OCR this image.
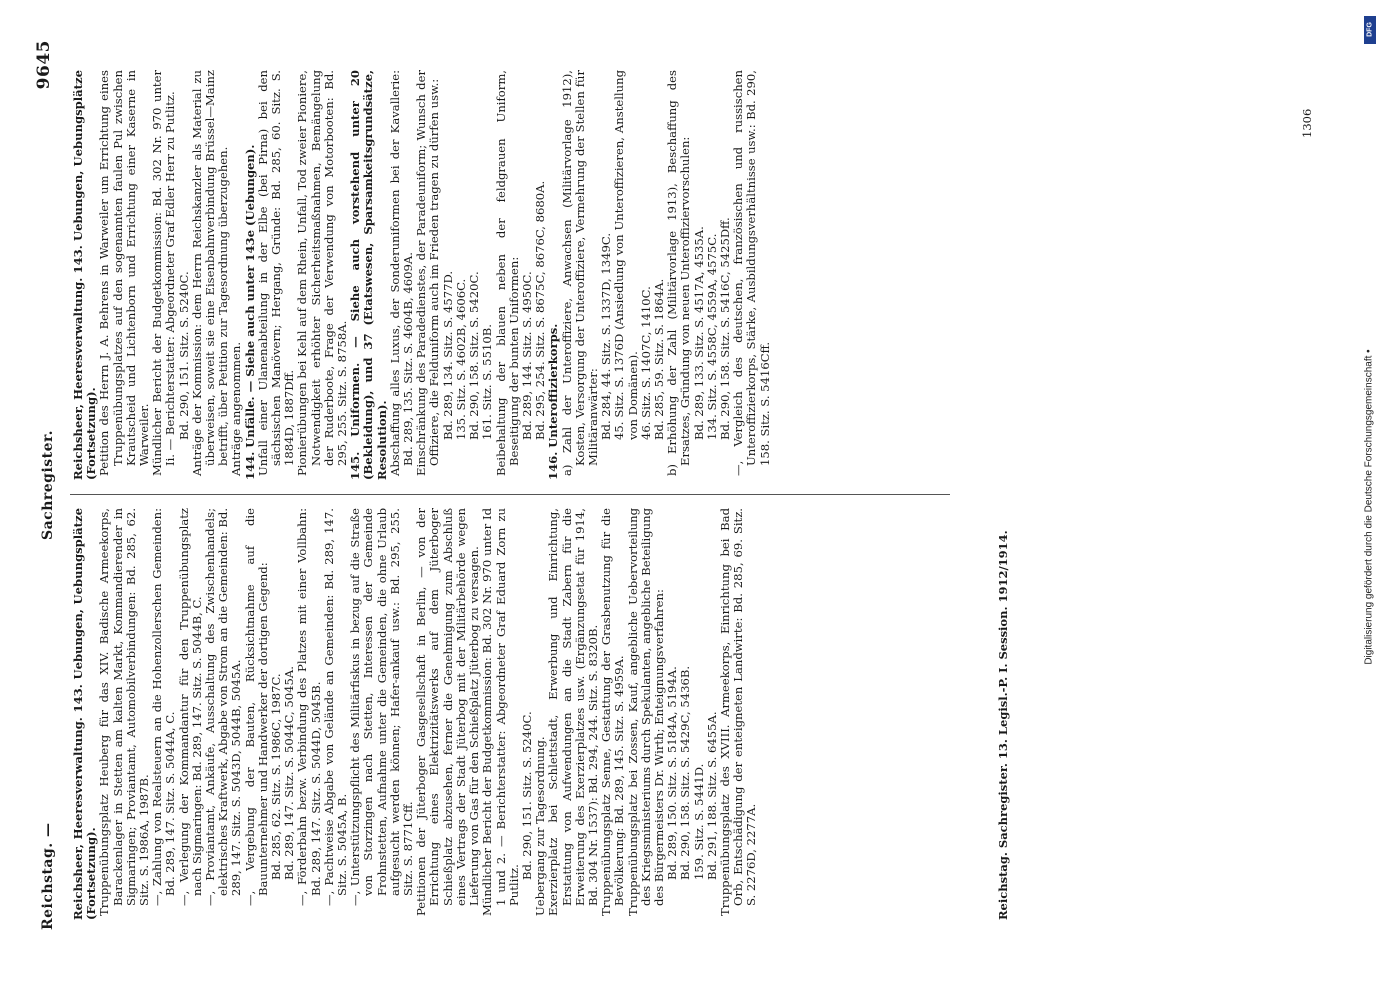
Reichstag. —
Sachregister.
9645

Reichsheer, Heeresverwaltung. 143. Uebungen, Uebungsplätze (Fortsetzung). Truppenübungsplatz Heuberg für das XIV. Badische Armeekorps, Barackenlager in Stetten am kalten Markt, Kommandierender in Sigmaringen; Proviantamt, Automobilverbindungen: Bd. 285, 62. Sitz. S. 1986A, 1987B. —, Zahlung von Realsteuern an die Hohenzollerschen Gemeinden: Bd. 289, 147. Sitz. S. 5044A, C. —, Verlegung der Kommandantur für den Truppenübungsplatz nach Sigmaringen: Bd. 289, 147. Sitz. S. 5044B, C. —, Proviantamt, Ankäufe, Ausschaltung des Zwischenhandels; elektrisches Kraftwerk, Abgabe von Strom an die Gemeinden: Bd. 289, 147. Sitz. S. 5043D, 5044B, 5045A. —, Vergebung der Bauten, Rücksichtnahme auf die Bauunternehmer und Handwerker der dortigen Gegend: Bd. 285, 62. Sitz. S. 1986C, 1987C. Bd. 289, 147. Sitz. S. 5044C, 5045A. —, Förderbahn bezw. Verbindung des Platzes mit einer Vollbahn: Bd. 289, 147. Sitz. S. 5044D, 5045B. —, Pachtweise Abgabe von Gelände an Gemeinden: Bd. 289, 147. Sitz. S. 5045A, B. —, Unterstützungspflicht des Militärfiskus in bezug auf die Straße von Storzingen nach Stetten, Interessen der Gemeinde Frohnstetten, Aufnahme unter die Gemeinden, die ohne Urlaub aufgesucht werden können; Hafer-ankauf usw.: Bd. 295, 255. Sitz. S. 8771Cff. Petitionen der Jüterboger Gasgesellschaft in Berlin, — von der Errichtung eines Elektrizitätswerks auf dem Jüterboger Schießplatz abzusehen, ferner die Genehmigung zum Abschluß eines Vertrags der Stadt Jüterbog mit der Militärbehörde wegen Lieferung von Gas für den Schießplatz Jüterbog zu versagen. Mündlicher Bericht der Budgetkommission: Bd. 302 Nr. 970 unter Id 1 und 2. — Berichterstatter: Abgeordneter Graf Eduard Zorn zu Putlitz.

Bd. 290, 151. Sitz. S. 5240C. Uebergang zur Tagesordnung. Exerzierplatz bei Schlettstadt, Erwerbung und Einrichtung, Erstattung von Aufwendungen an die Stadt Zabern für die Erweiterung des Exerzierplatzes usw. (Ergänzungsetat für 1914, Bd. 304 Nr. 1537): Bd. 294, 244. Sitz. S. 8320B. Truppenübungsplatz Senne, Gestattung der Grasbenutzung für die Bevölkerung: Bd. 289, 145. Sitz. S. 4959A. Truppenübungsplatz bei Zossen, Kauf, angebliche Uebervorteilung des Kriegsministeriums durch Spekulanten, angebliche Beteiligung des Bürgermeisters Dr. Wirth; Enteignungsverfahren: Bd. 289, 150. Sitz. S. 5184A, 5194A. Bd. 290, 158. Sitz. S. 5429C, 5436B. 159. Sitz. S. 5441D. Bd. 291, 188. Sitz. S. 6455A. Truppenübungsplatz des XVIII. Armeekorps, Einrichtung bei Bad Orb, Entschädigung der enteigneten Landwirte: Bd. 285, 69. Sitz. S. 2276D, 2277A.

Reichsheer, Heeresverwaltung. 143. Uebungen, Uebungsplätze (Fortsetzung). Petition des Herrn J. A. Behrens in Warweiler um Errichtung eines Truppenübungsplatzes auf den sogenannten faulen Pul zwischen Krautscheid und Lichtenborn und Errichtung einer Kaserne in Warweiler. Mündlicher Bericht der Budgetkommission: Bd. 302 Nr. 970 unter Ii. — Berichterstatter: Abgeordneter Graf Edler Herr zu Putlitz. Bd. 290, 151. Sitz. S. 5240C. Anträge der Kommission: dem Herrn Reichskanzler als Material zu überweisen, soweit sie eine Eisenbahnverbindung Brüssel—Mainz betrifft, über Petition zur Tagesordnung überzugehen. Anträge angenommen. 144. Unfälle. — Siehe auch unter 143e (Uebungen). Unfall einer Ulanenabteilung in der Elbe (bei Pirna) bei den sächsischen Manövern; Hergang, Gründe: Bd. 285, 60. Sitz. S. 1884D, 1887Dff. Pionierübungen bei Kehl auf dem Rhein, Unfall, Tod zweier Pioniere, Notwendigkeit erhöhter Sicherheitsmaßnahmen, Bemängelung der Ruderboote, Frage der Verwendung von Motorbooten: Bd. 295, 255. Sitz. S. 8758A. 145. Uniformen. — Siehe auch vorstehend unter 20 (Bekleidung), und 37 (Etatswesen, Sparsamkeitsgrundsätze, Resolution). Abschaffung alles Luxus, der Sonderuniformen bei der Kavallerie: Bd. 289, 135. Sitz. S. 4604B, 4609A. Einschränkung des Paradedienstes, der Paradeuniform; Wunsch der Offiziere, die Felduniform auch im Frieden tragen zu dürfen usw.: Bd. 289, 134. Sitz. S. 4577D. 135. Sitz. S. 4602B, 4606C. Bd. 290, 158. Sitz. S. 5420C. 161. Sitz. S. 5510B. Beibehaltung der blauen neben der feldgrauen Uniform, Beseitigung der bunten Uniformen: Bd. 289, 144. Sitz. S. 4950C. Bd. 295, 254. Sitz. S. 8675C, 8676C, 8680A. 146. Unteroffizierkorps. a) Zahl der Unteroffiziere, Anwachsen (Militärvorlage 1912), Kosten, Versorgung der Unteroffiziere, Vermehrung der Stellen für Militäranwärter: Bd. 284, 44. Sitz. S. 1337D, 1349C. 45. Sitz. S. 1376D (Ansiedlung von Unteroffizieren, Anstellung von Domänen). 46. Sitz. S. 1407C, 1410C. Bd. 285, 59. Sitz. S. 1864A. b) Erhöhung der Zahl (Militärvorlage 1913), Beschaffung des Ersatzes, Gründung von neuen Unteroffiziervorschulen: Bd. 289, 133. Sitz. S. 4517A, 4535A. 134. Sitz. S. 4558C, 4559A, 4575C. Bd. 290, 158. Sitz. S. 5416C, 5425Dff. —, Vergleich des deutschen, französischen und russischen Unteroffizierkorps, Stärke, Ausbildungsverhältnisse usw.: Bd. 290, 158. Sitz. S. 5416Cff.

Reichstag. Sachregister. 13. Legisl.-P. I. Session. 1912/1914.
1306
DFG
Digitalisierung gefördert durch die Deutsche Forschungsgemeinschaft •
